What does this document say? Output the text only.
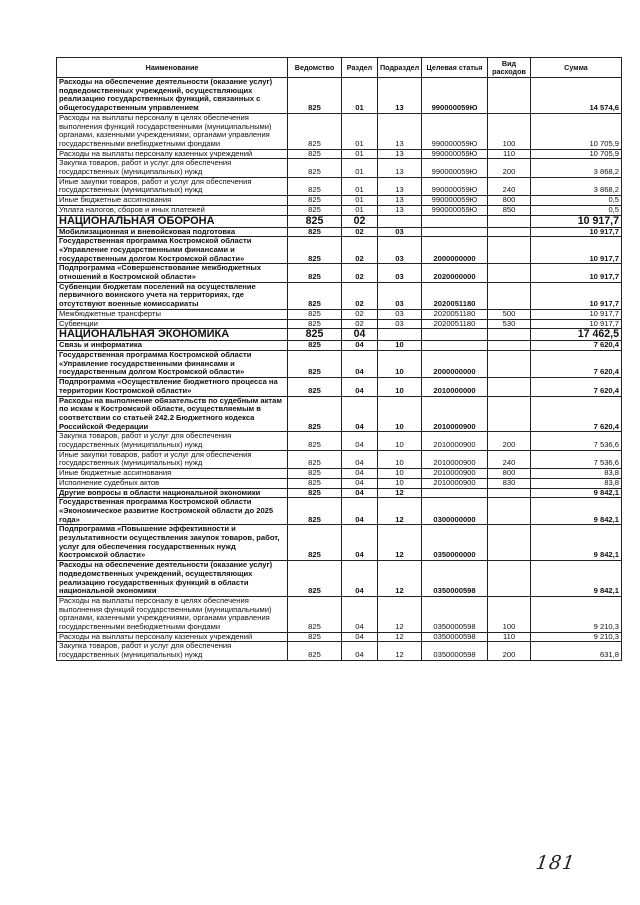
Наименование	Ведомство	Раздел	Подраздел	Целевая статья	Вид расходов	Сумма
Расходы на обеспечение деятельности (оказание услуг) подведомственных учреждений, осуществляющих реализацию государственных функций, связанных с общегосударственным управлением	825	01	13	990000059Ю		14 574,6
Расходы на выплаты персоналу в целях обеспечения выполнения функций государственными (муниципальными) органами, казенными учреждениями, органами управления государственными внебюджетными фондами	825	01	13	990000059Ю	100	10 705,9
Расходы на выплаты персоналу казенных учреждений	825	01	13	990000059Ю	110	10 705,9
Закупка товаров, работ и услуг для обеспечения государственных (муниципальных) нужд	825	01	13	990000059Ю	200	3 868,2
Иные закупки товаров, работ и услуг для обеспечения государственных (муниципальных) нужд	825	01	13	990000059Ю	240	3 868,2
Иные бюджетные ассигнования	825	01	13	990000059Ю	800	0,5
Уплата налогов, сборов и иных платежей	825	01	13	990000059Ю	850	0,5
НАЦИОНАЛЬНАЯ ОБОРОНА	825	02				10 917,7
Мобилизационная и вневойсковая подготовка	825	02	03			10 917,7
Государственная программа Костромской области «Управление государственными финансами и государственным долгом Костромской области»	825	02	03	2000000000		10 917,7
Подпрограмма «Совершенствование межбюджетных отношений в Костромской области»	825	02	03	2020000000		10 917,7
Субвенции бюджетам поселений на осуществление первичного воинского учета на территориях, где отсутствуют военные комиссариаты	825	02	03	2020051180		10 917,7
Межбюджетные трансферты	825	02	03	2020051180	500	10 917,7
Субвенции	825	02	03	2020051180	530	10 917,7
НАЦИОНАЛЬНАЯ ЭКОНОМИКА	825	04				17 462,5
Связь и информатика	825	04	10			7 620,4
Государственная программа Костромской области «Управление государственными финансами и государственным долгом Костромской области»	825	04	10	2000000000		7 620,4
Подпрограмма «Осуществление бюджетного процесса на территории Костромской области»	825	04	10	2010000000		7 620,4
Расходы на выполнение обязательств по судебным актам по искам к Костромской области, осуществляемым в соответствии со статьей 242.2 Бюджетного кодекса Российской Федерации	825	04	10	2010000900		7 620,4
Закупка товаров, работ и услуг для обеспечения государственных (муниципальных) нужд	825	04	10	2010000900	200	7 536,6
Иные закупки товаров, работ и услуг для обеспечения государственных (муниципальных) нужд	825	04	10	2010000900	240	7 536,6
Иные бюджетные ассигнования	825	04	10	2010000900	800	83,8
Исполнение судебных актов	825	04	10	2010000900	830	83,8
Другие вопросы в области национальной экономики	825	04	12			9 842,1
Государственная программа Костромской области «Экономическое развитие Костромской области до 2025 года»	825	04	12	0300000000		9 842,1
Подпрограмма «Повышение эффективности и результативности осуществления закупок товаров, работ, услуг для обеспечения государственных нужд Костромской области»	825	04	12	0350000000		9 842,1
Расходы на обеспечение деятельности (оказание услуг) подведомственных учреждений, осуществляющих реализацию государственных функций в области национальной экономики	825	04	12	0350000598		9 842,1
Расходы на выплаты персоналу в целях обеспечения выполнения функций государственными (муниципальными) органами, казенными учреждениями, органами управления государственными внебюджетными фондами	825	04	12	0350000598	100	9 210,3
Расходы на выплаты персоналу казенных учреждений	825	04	12	0350000598	110	9 210,3
Закупка товаров, работ и услуг для обеспечения государственных (муниципальных) нужд	825	04	12	0350000598	200	631,8
181
